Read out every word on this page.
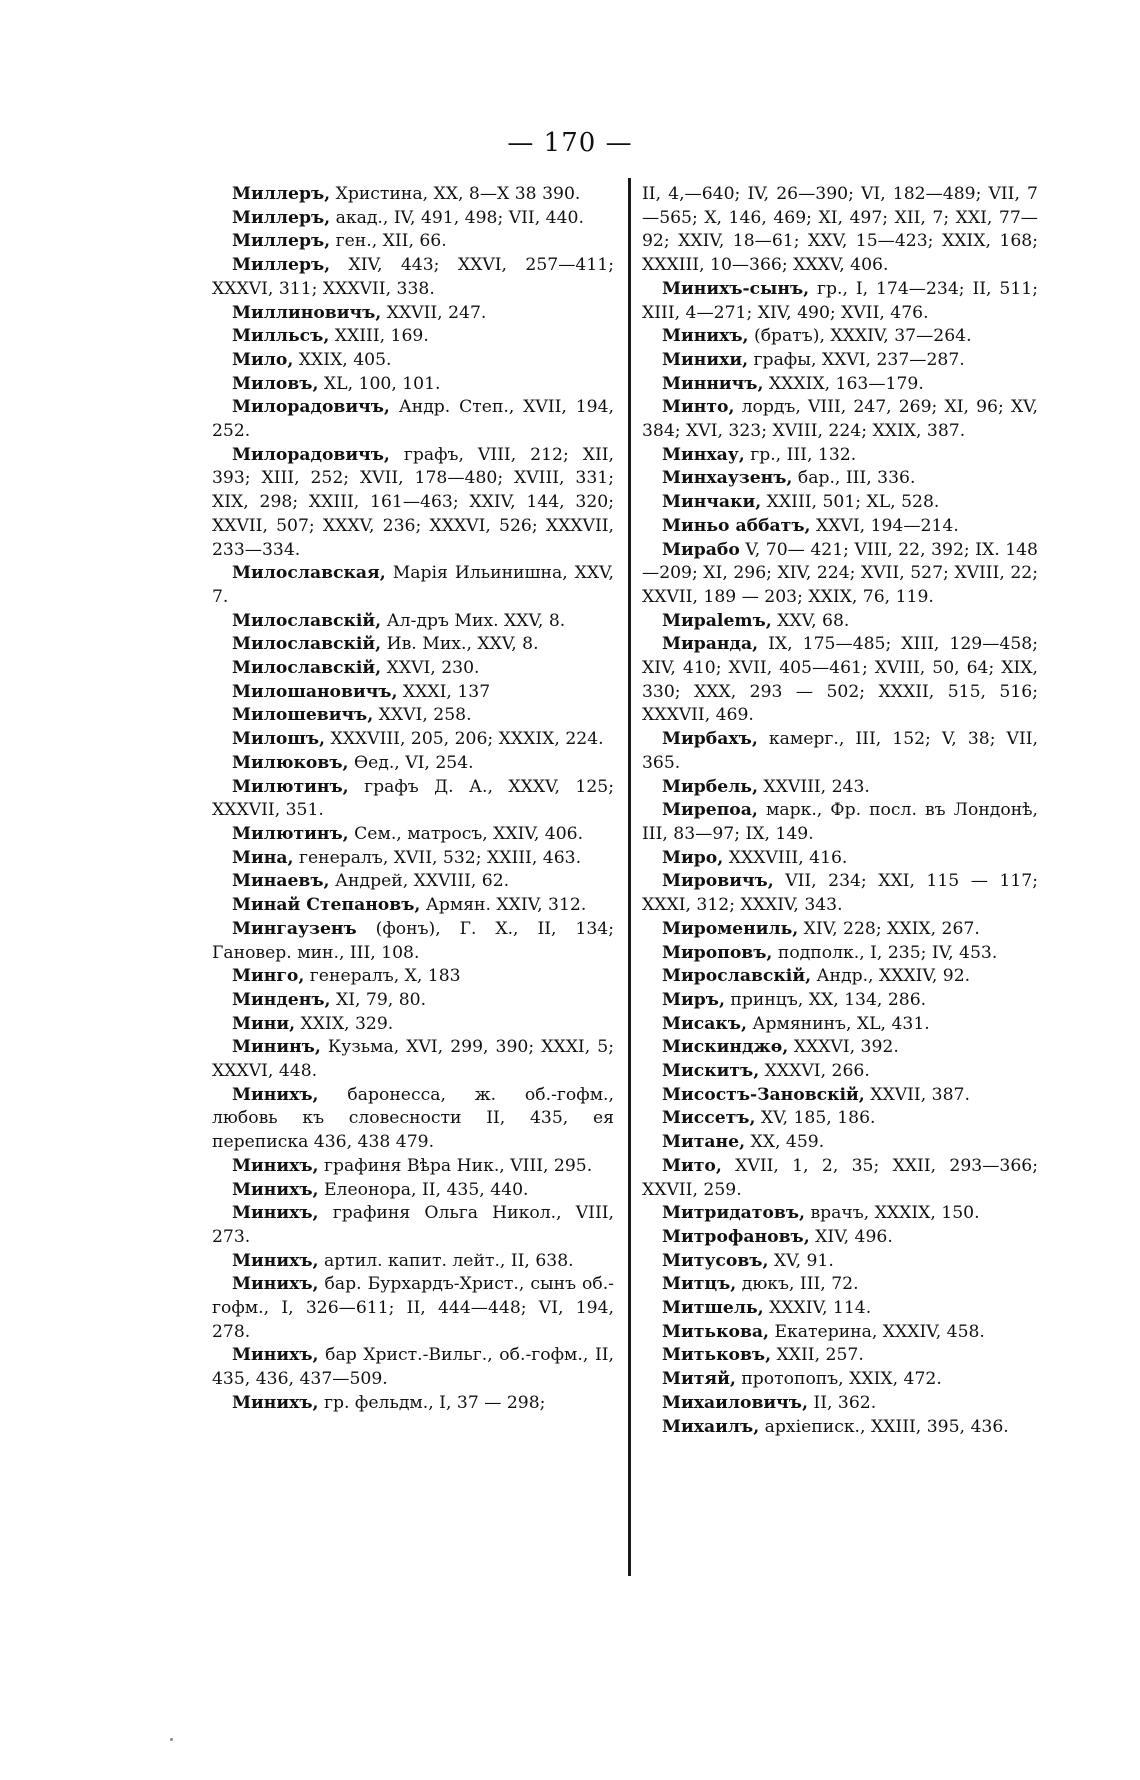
— 170 —
Миллеръ, Христина, XX, 8—X 38 390.
Миллеръ, акад., IV, 491, 498; VII, 440.
Миллеръ, ген., XII, 66.
Миллеръ, XIV, 443; XXVI, 257—411; XXXVI, 311; XXXVII, 338.
Миллиновичъ, XXVII, 247.
Милльсъ, XXIII, 169.
Мило, XXIX, 405.
Миловъ, XL, 100, 101.
Милорадовичъ, Андр. Степ., XVII, 194, 252.
Милорадовичъ, графъ, VIII, 212; XII, 393; XIII, 252; XVII, 178—480; XVIII, 331; XIX, 298; XXIII, 161—463; XXIV, 144, 320; XXVII, 507; XXXV, 236; XXXVI, 526; XXXVII, 233—334.
Милославская, Марія Ильинишна, XXV, 7.
Милославскій, Ал-дръ Мих. XXV, 8.
Милославскій, Ив. Мих., XXV, 8.
Милославскій, XXVI, 230.
Милошановичъ, XXXI, 137
Милошевичъ, XXVI, 258.
Милошъ, XXXVIII, 205, 206; XXXIX, 224.
Милюковъ, Ѳед., VI, 254.
Милютинъ, графъ Д. А., XXXV, 125; XXXVII, 351.
Милютинъ, Сем., матросъ, XXIV, 406.
Мина, генералъ, XVII, 532; XXIII, 463.
Минаевъ, Андрей, XXVIII, 62.
Минай Степановъ, Армян. XXIV, 312.
Мингаузенъ (фонъ), Г. X., II, 134; Гановер. мин., III, 108.
Минго, генералъ, X, 183
Минденъ, XI, 79, 80.
Мини, XXIX, 329.
Мининъ, Кузьма, XVI, 299, 390; XXXI, 5; XXXVI, 448.
Минихъ, баронесса, ж. об.-гофм., любовь къ словесности II, 435, ея переписка 436, 438 479.
Минихъ, графиня Вѣра Ник., VIII, 295.
Минихъ, Елеонора, II, 435, 440.
Минихъ, графиня Ольга Никол., VIII, 273.
Минихъ, артил. капит. лейт., II, 638.
Минихъ, бар. Бурхардъ-Христ., сынъ об.-гофм., I, 326—611; II, 444—448; VI, 194, 278.
Минихъ, бар Христ.-Вильг., об.-гофм., II, 435, 436, 437—509.
Минихъ, гр. фельдм., I, 37 — 298;
II, 4,—640; IV, 26—390; VI, 182—489; VII, 7—565; X, 146, 469; XI, 497; XII, 7; XXI, 77—92; XXIV, 18—61; XXV, 15—423; XXIX, 168; XXXIII, 10—366; XXXV, 406.
Минихъ-сынъ, гр., I, 174—234; II, 511; XIII, 4—271; XIV, 490; XVII, 476.
Минихъ, (братъ), XXXIV, 37—264.
Минихи, графы, XXVI, 237—287.
Минничъ, XXXIX, 163—179.
Минто, лордъ, VIII, 247, 269; XI, 96; XV, 384; XVI, 323; XVIII, 224; XXIX, 387.
Минхау, гр., III, 132.
Минхаузенъ, бар., III, 336.
Минчаки, XXIII, 501; XL, 528.
Миньо аббатъ, XXVI, 194—214.
Мирабо V, 70— 421; VIII, 22, 392; IX. 148—209; XI, 296; XIV, 224; XVII, 527; XVIII, 22; XXVII, 189 — 203; XXIX, 76, 119.
Мираlemъ, XXV, 68.
Миранда, IX, 175—485; XIII, 129—458; XIV, 410; XVII, 405—461; XVIII, 50, 64; XIX, 330; XXX, 293 — 502; XXXII, 515, 516; XXXVII, 469.
Мирбахъ, камерг., III, 152; V, 38; VII, 365.
Мирбель, XXVIII, 243.
Мирепоа, марк., Фр. посл. въ Лондонѣ, III, 83—97; IX, 149.
Миро, XXXVIII, 416.
Мировичъ, VII, 234; XXI, 115 — 117; XXXI, 312; XXXIV, 343.
Миромениль, XIV, 228; XXIX, 267.
Мироповъ, подполк., I, 235; IV, 453.
Мирославскій, Андр., XXXIV, 92.
Миръ, принцъ, XX, 134, 286.
Мисакъ, Армянинъ, XL, 431.
Мискинджө, XXXVI, 392.
Мискитъ, XXXVI, 266.
Мисостъ-Зановскій, XXVII, 387.
Миссетъ, XV, 185, 186.
Митане, XX, 459.
Мито, XVII, 1, 2, 35; XXII, 293—366; XXVII, 259.
Митридатовъ, врачъ, XXXIX, 150.
Митрофановъ, XIV, 496.
Митусовъ, XV, 91.
Митцъ, дюкъ, III, 72.
Митшель, XXXIV, 114.
Митькова, Екатерина, XXXIV, 458.
Митьковъ, XXII, 257.
Митяй, протопопъ, XXIX, 472.
Михаиловичъ, II, 362.
Михаилъ, архіеписк., XXIII, 395, 436.
